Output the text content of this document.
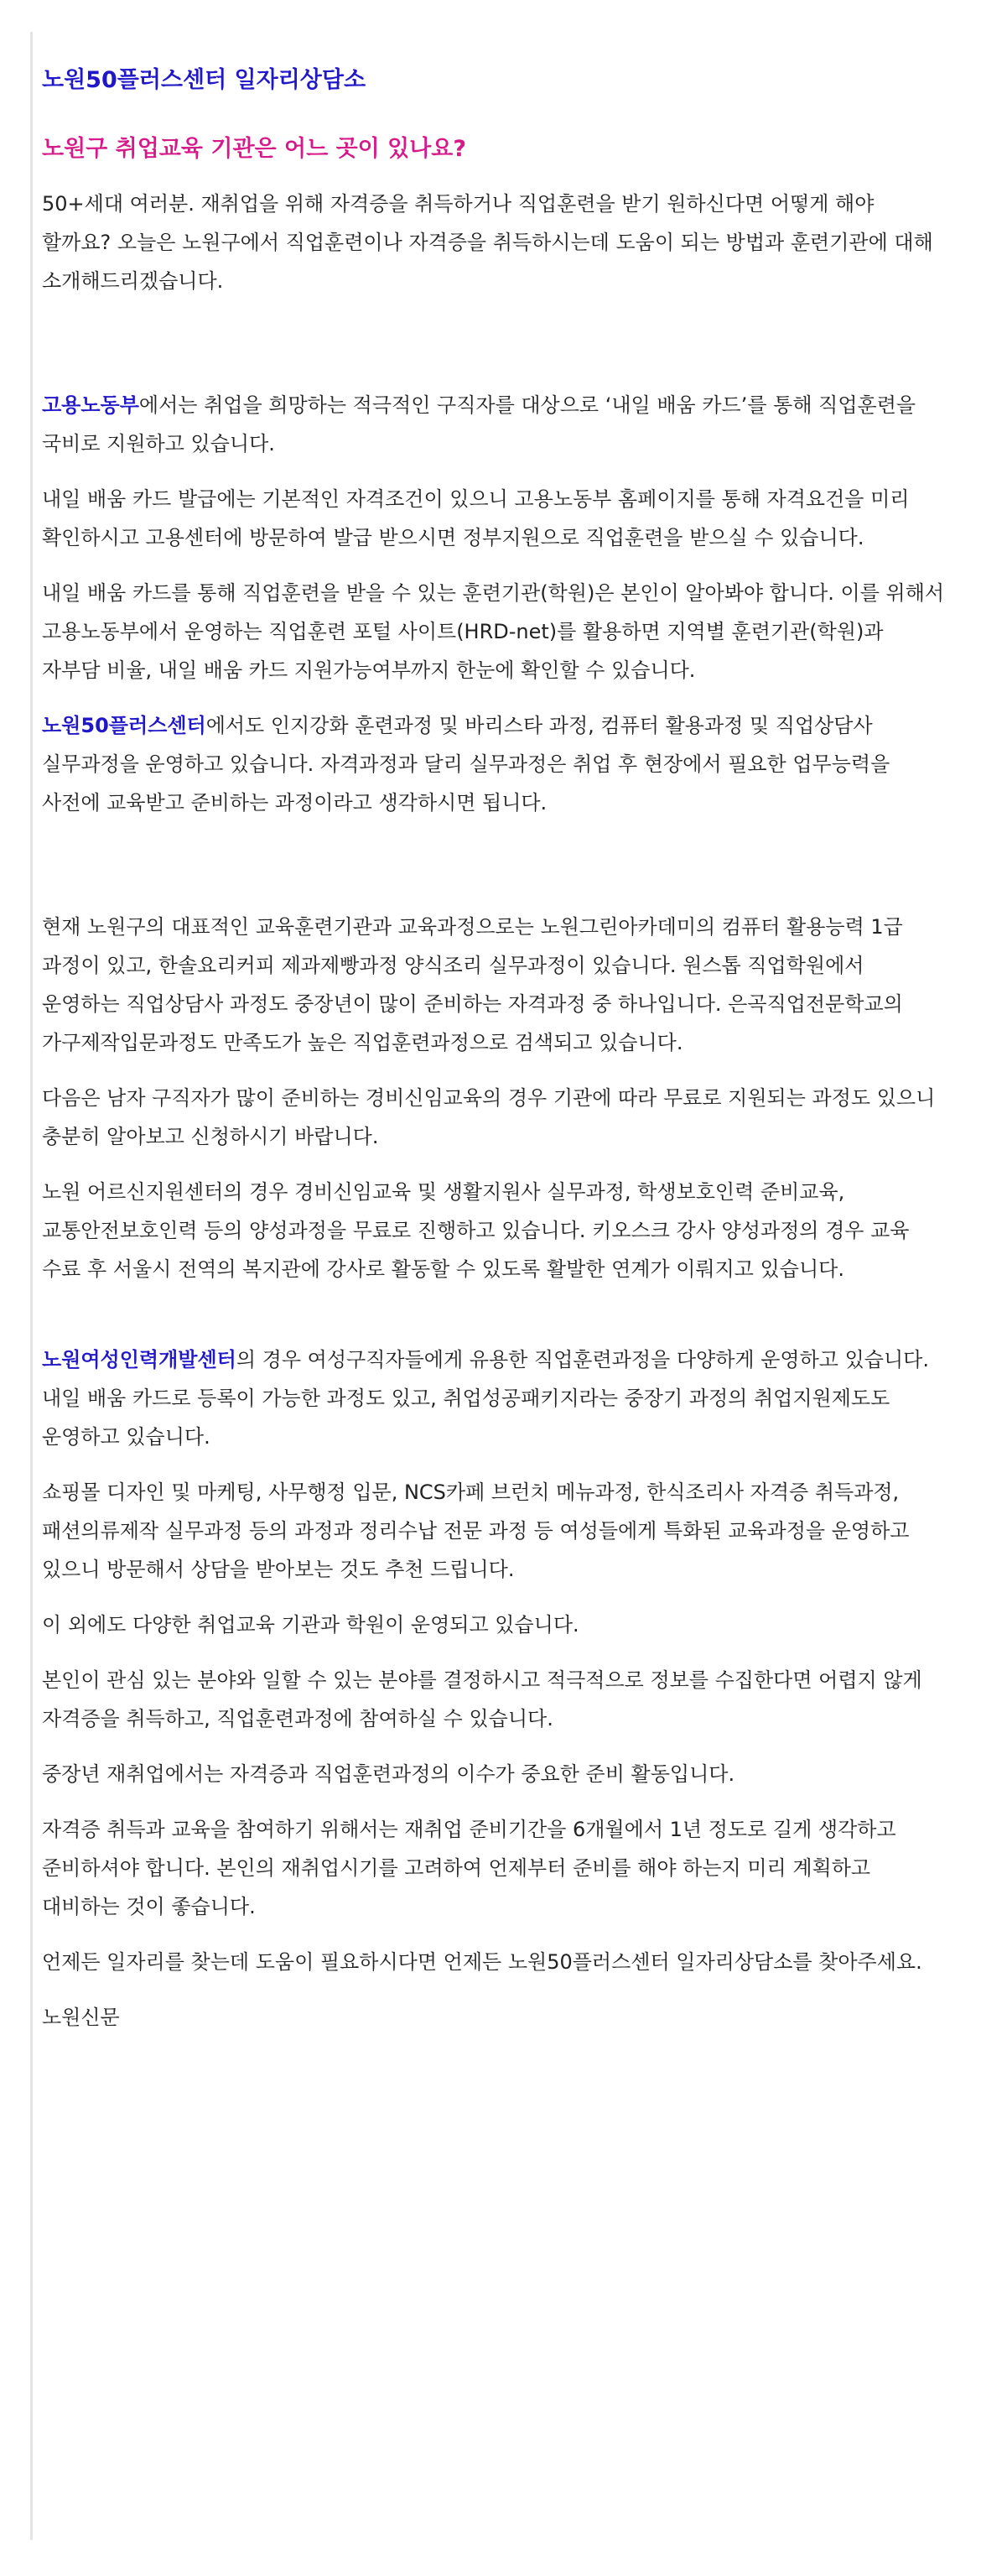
노원50플러스센터 일자리상담소
노원구 취업교육 기관은 어느 곳이 있나요?

50+세대 여러분. 재취업을 위해 자격증을 취득하거나 직업훈련을 받기 원하신다면 어떻게 해야 할까요? 오늘은 노원구에서 직업훈련이나 자격증을 취득하시는데 도움이 되는 방법과 훈련기관에 대해 소개해드리겠습니다.

고용노동부에서는 취업을 희망하는 적극적인 구직자를 대상으로 ‘내일 배움 카드’를 통해 직업훈련을 국비로 지원하고 있습니다.

내일 배움 카드 발급에는 기본적인 자격조건이 있으니 고용노동부 홈페이지를 통해 자격요건을 미리 확인하시고 고용센터에 방문하여 발급 받으시면 정부지원으로 직업훈련을 받으실 수 있습니다.

내일 배움 카드를 통해 직업훈련을 받을 수 있는 훈련기관(학원)은 본인이 알아봐야 합니다. 이를 위해서 고용노동부에서 운영하는 직업훈련 포털 사이트(HRD-net)를 활용하면 지역별 훈련기관(학원)과 자부담 비율, 내일 배움 카드 지원가능여부까지 한눈에 확인할 수 있습니다.

노원50플러스센터에서도 인지강화 훈련과정 및 바리스타 과정, 컴퓨터 활용과정 및 직업상담사 실무과정을 운영하고 있습니다. 자격과정과 달리 실무과정은 취업 후 현장에서 필요한 업무능력을 사전에 교육받고 준비하는 과정이라고 생각하시면 됩니다.

현재 노원구의 대표적인 교육훈련기관과 교육과정으로는 노원그린아카데미의 컴퓨터 활용능력 1급 과정이 있고, 한솔요리커피 제과제빵과정 양식조리 실무과정이 있습니다. 원스톱 직업학원에서 운영하는 직업상담사 과정도 중장년이 많이 준비하는 자격과정 중 하나입니다. 은곡직업전문학교의 가구제작입문과정도 만족도가 높은 직업훈련과정으로 검색되고 있습니다.

다음은 남자 구직자가 많이 준비하는 경비신임교육의 경우 기관에 따라 무료로 지원되는 과정도 있으니 충분히 알아보고 신청하시기 바랍니다.

노원 어르신지원센터의 경우 경비신임교육 및 생활지원사 실무과정, 학생보호인력 준비교육, 교통안전보호인력 등의 양성과정을 무료로 진행하고 있습니다. 키오스크 강사 양성과정의 경우 교육 수료 후 서울시 전역의 복지관에 강사로 활동할 수 있도록 활발한 연계가 이뤄지고 있습니다.

노원여성인력개발센터의 경우 여성구직자들에게 유용한 직업훈련과정을 다양하게 운영하고 있습니다. 내일 배움 카드로 등록이 가능한 과정도 있고, 취업성공패키지라는 중장기 과정의 취업지원제도도 운영하고 있습니다.

쇼핑몰 디자인 및 마케팅, 사무행정 입문, NCS카페 브런치 메뉴과정, 한식조리사 자격증 취득과정, 패션의류제작 실무과정 등의 과정과 정리수납 전문 과정 등 여성들에게 특화된 교육과정을 운영하고 있으니 방문해서 상담을 받아보는 것도 추천 드립니다.

이 외에도 다양한 취업교육 기관과 학원이 운영되고 있습니다.

본인이 관심 있는 분야와 일할 수 있는 분야를 결정하시고 적극적으로 정보를 수집한다면 어렵지 않게 자격증을 취득하고, 직업훈련과정에 참여하실 수 있습니다.

중장년 재취업에서는 자격증과 직업훈련과정의 이수가 중요한 준비 활동입니다.

자격증 취득과 교육을 참여하기 위해서는 재취업 준비기간을 6개월에서 1년 정도로 길게 생각하고 준비하셔야 합니다. 본인의 재취업시기를 고려하여 언제부터 준비를 해야 하는지 미리 계획하고 대비하는 것이 좋습니다.

언제든 일자리를 찾는데 도움이 필요하시다면 언제든 노원50플러스센터 일자리상담소를 찾아주세요.

노원신문
